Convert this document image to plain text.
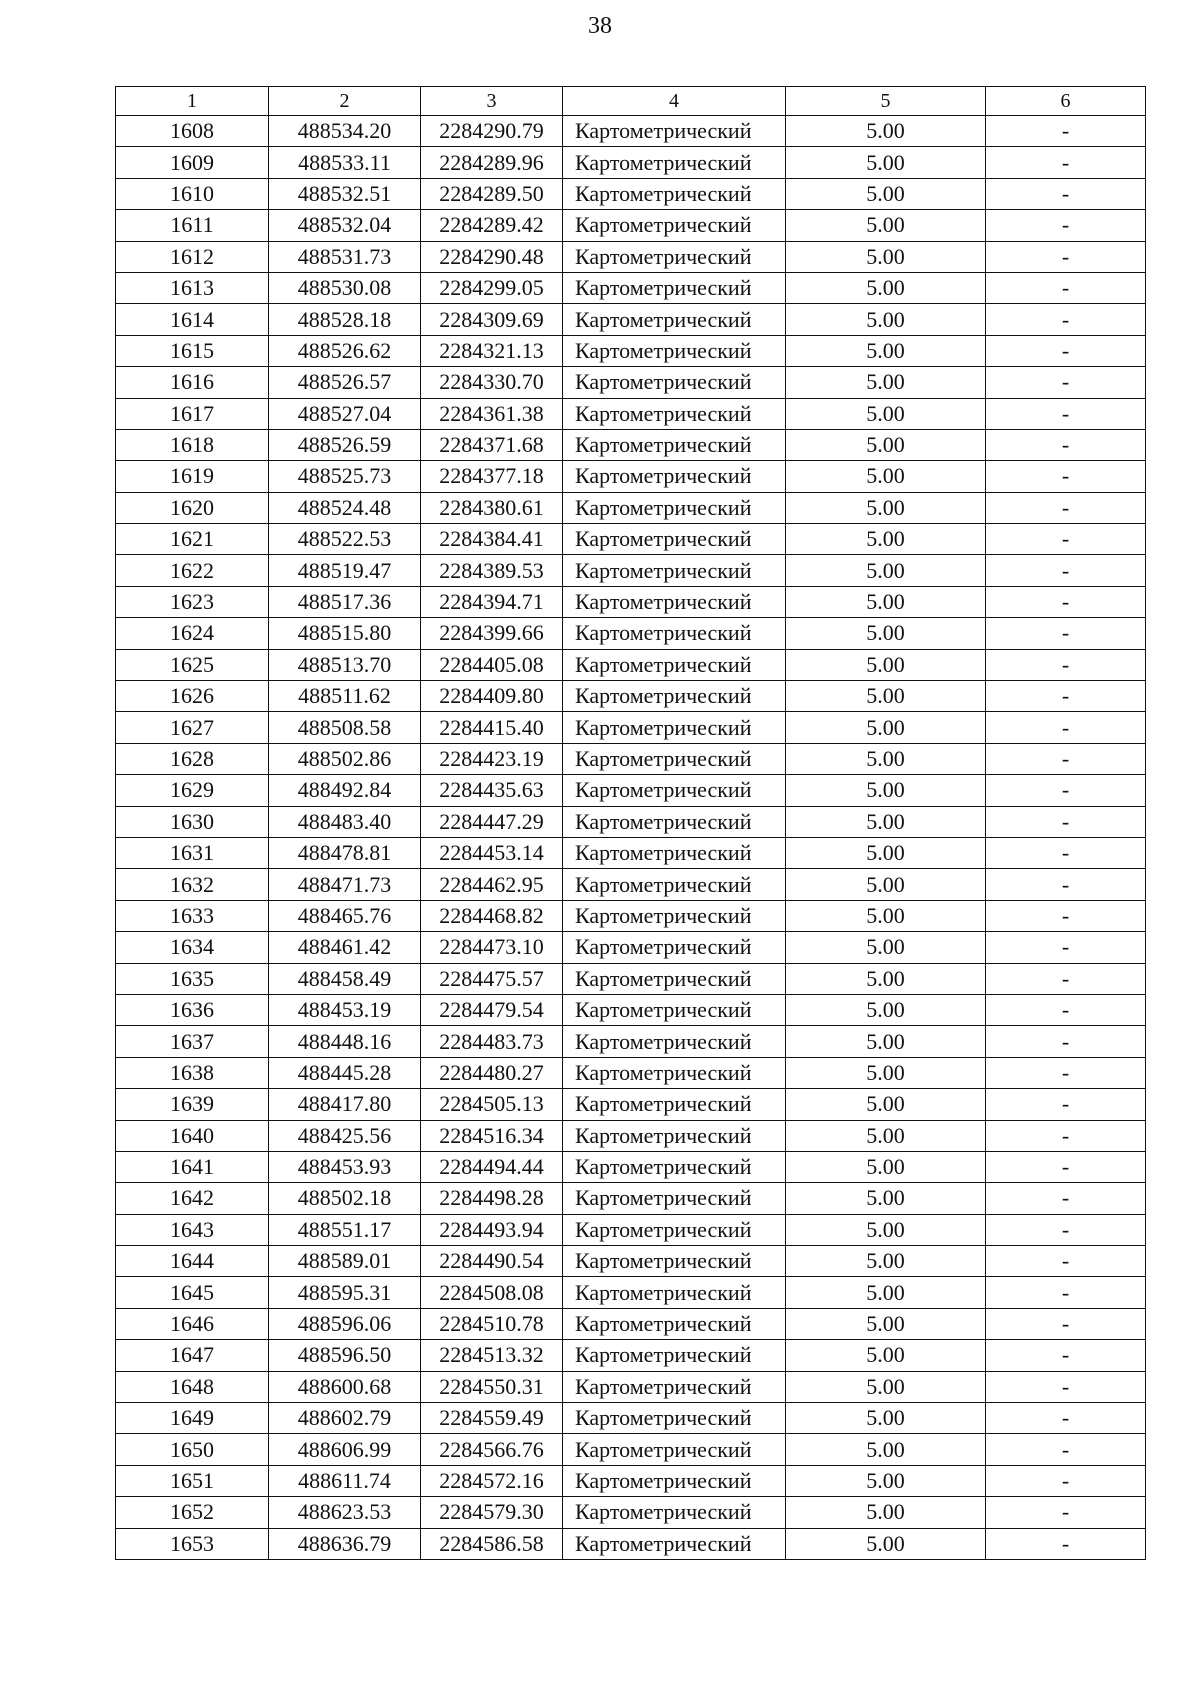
38
1	2	3	4	5	6
1608	488534.20	2284290.79	Картометрический	5.00	-
1609	488533.11	2284289.96	Картометрический	5.00	-
1610	488532.51	2284289.50	Картометрический	5.00	-
1611	488532.04	2284289.42	Картометрический	5.00	-
1612	488531.73	2284290.48	Картометрический	5.00	-
1613	488530.08	2284299.05	Картометрический	5.00	-
1614	488528.18	2284309.69	Картометрический	5.00	-
1615	488526.62	2284321.13	Картометрический	5.00	-
1616	488526.57	2284330.70	Картометрический	5.00	-
1617	488527.04	2284361.38	Картометрический	5.00	-
1618	488526.59	2284371.68	Картометрический	5.00	-
1619	488525.73	2284377.18	Картометрический	5.00	-
1620	488524.48	2284380.61	Картометрический	5.00	-
1621	488522.53	2284384.41	Картометрический	5.00	-
1622	488519.47	2284389.53	Картометрический	5.00	-
1623	488517.36	2284394.71	Картометрический	5.00	-
1624	488515.80	2284399.66	Картометрический	5.00	-
1625	488513.70	2284405.08	Картометрический	5.00	-
1626	488511.62	2284409.80	Картометрический	5.00	-
1627	488508.58	2284415.40	Картометрический	5.00	-
1628	488502.86	2284423.19	Картометрический	5.00	-
1629	488492.84	2284435.63	Картометрический	5.00	-
1630	488483.40	2284447.29	Картометрический	5.00	-
1631	488478.81	2284453.14	Картометрический	5.00	-
1632	488471.73	2284462.95	Картометрический	5.00	-
1633	488465.76	2284468.82	Картометрический	5.00	-
1634	488461.42	2284473.10	Картометрический	5.00	-
1635	488458.49	2284475.57	Картометрический	5.00	-
1636	488453.19	2284479.54	Картометрический	5.00	-
1637	488448.16	2284483.73	Картометрический	5.00	-
1638	488445.28	2284480.27	Картометрический	5.00	-
1639	488417.80	2284505.13	Картометрический	5.00	-
1640	488425.56	2284516.34	Картометрический	5.00	-
1641	488453.93	2284494.44	Картометрический	5.00	-
1642	488502.18	2284498.28	Картометрический	5.00	-
1643	488551.17	2284493.94	Картометрический	5.00	-
1644	488589.01	2284490.54	Картометрический	5.00	-
1645	488595.31	2284508.08	Картометрический	5.00	-
1646	488596.06	2284510.78	Картометрический	5.00	-
1647	488596.50	2284513.32	Картометрический	5.00	-
1648	488600.68	2284550.31	Картометрический	5.00	-
1649	488602.79	2284559.49	Картометрический	5.00	-
1650	488606.99	2284566.76	Картометрический	5.00	-
1651	488611.74	2284572.16	Картометрический	5.00	-
1652	488623.53	2284579.30	Картометрический	5.00	-
1653	488636.79	2284586.58	Картометрический	5.00	-
